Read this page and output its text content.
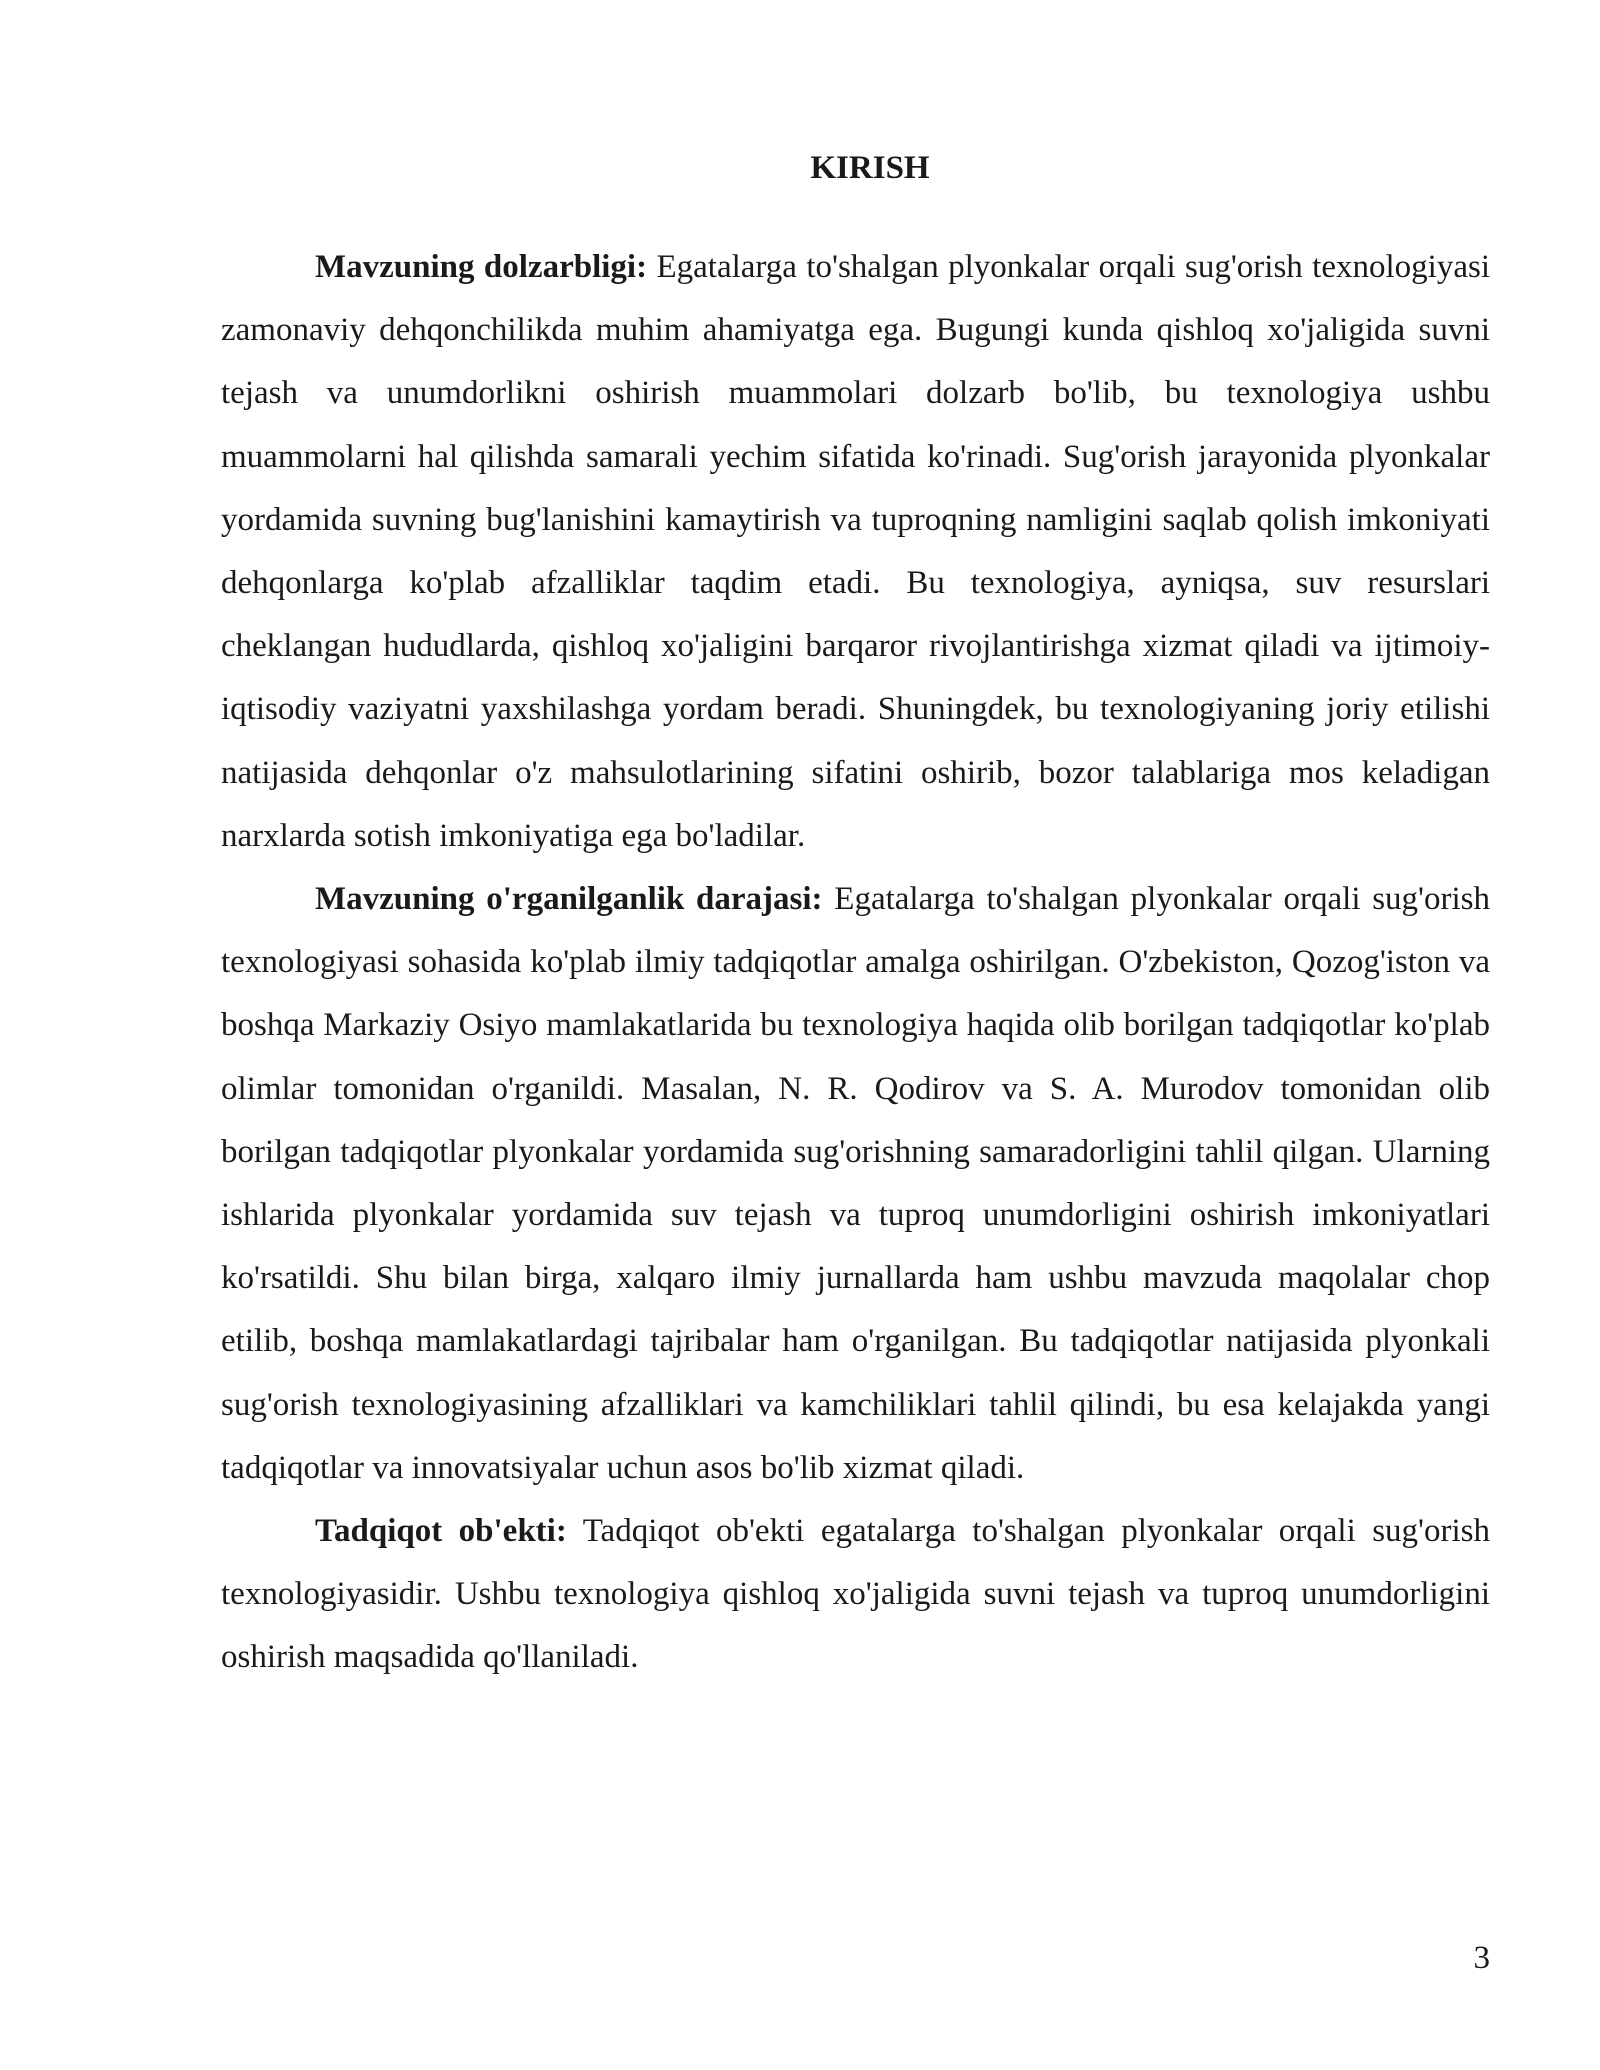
KIRISH

Mavzuning dolzarbligi: Egatalarga to'shalgan plyonkalar orqali sug'orish texnologiyasi zamonaviy dehqonchilikda muhim ahamiyatga ega. Bugungi kunda qishloq xo'jaligida suvni tejash va unumdorlikni oshirish muammolari dolzarb bo'lib, bu texnologiya ushbu muammolarni hal qilishda samarali yechim sifatida ko'rinadi. Sug'orish jarayonida plyonkalar yordamida suvning bug'lanishini kamaytirish va tuproqning namligini saqlab qolish imkoniyati dehqonlarga ko'plab afzalliklar taqdim etadi. Bu texnologiya, ayniqsa, suv resurslari cheklangan hududlarda, qishloq xo'jaligini barqaror rivojlantirishga xizmat qiladi va ijtimoiy-iqtisodiy vaziyatni yaxshilashga yordam beradi. Shuningdek, bu texnologiyaning joriy etilishi natijasida dehqonlar o'z mahsulotlarining sifatini oshirib, bozor talablariga mos keladigan narxlarda sotish imkoniyatiga ega bo'ladilar.

Mavzuning o'rganilganlik darajasi: Egatalarga to'shalgan plyonkalar orqali sug'orish texnologiyasi sohasida ko'plab ilmiy tadqiqotlar amalga oshirilgan. O'zbekiston, Qozog'iston va boshqa Markaziy Osiyo mamlakatlarida bu texnologiya haqida olib borilgan tadqiqotlar ko'plab olimlar tomonidan o'rganildi. Masalan, N. R. Qodirov va S. A. Murodov tomonidan olib borilgan tadqiqotlar plyonkalar yordamida sug'orishning samaradorligini tahlil qilgan. Ularning ishlarida plyonkalar yordamida suv tejash va tuproq unumdorligini oshirish imkoniyatlari ko'rsatildi. Shu bilan birga, xalqaro ilmiy jurnallarda ham ushbu mavzuda maqolalar chop etilib, boshqa mamlakatlardagi tajribalar ham o'rganilgan. Bu tadqiqotlar natijasida plyonkali sug'orish texnologiyasining afzalliklari va kamchiliklari tahlil qilindi, bu esa kelajakda yangi tadqiqotlar va innovatsiyalar uchun asos bo'lib xizmat qiladi.

Tadqiqot ob'ekti: Tadqiqot ob'ekti egatalarga to'shalgan plyonkalar orqali sug'orish texnologiyasidir. Ushbu texnologiya qishloq xo'jaligida suvni tejash va tuproq unumdorligini oshirish maqsadida qo'llaniladi.

3
